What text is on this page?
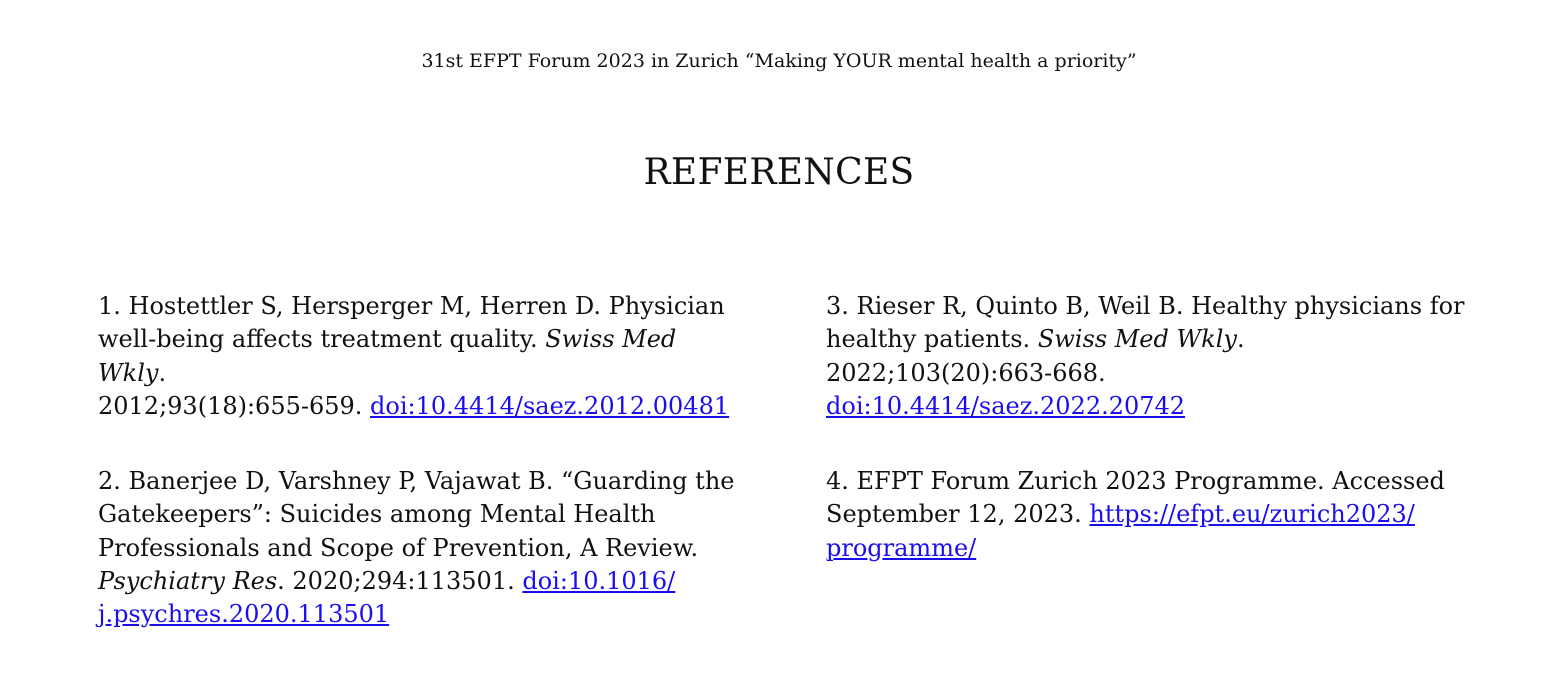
31st EFPT Forum 2023 in Zurich “Making YOUR mental health a priority”
REFERENCES
1. Hostettler S, Hersperger M, Herren D. Physician
well-being affects treatment quality. Swiss Med Wkly.
2012;93(18):655-659. doi:10.4414/saez.2012.00481
2. Banerjee D, Varshney P, Vajawat B. “Guarding the
Gatekeepers”: Suicides among Mental Health
Professionals and Scope of Prevention, A Review.
Psychiatry Res. 2020;294:113501. doi:10.1016/
j.psychres.2020.113501
3. Rieser R, Quinto B, Weil B. Healthy physicians for
healthy patients. Swiss Med Wkly.
2022;103(20):663-668. doi:10.4414/saez.2022.20742
4. EFPT Forum Zurich 2023 Programme. Accessed
September 12, 2023. https://efpt.eu/zurich2023/
programme/
